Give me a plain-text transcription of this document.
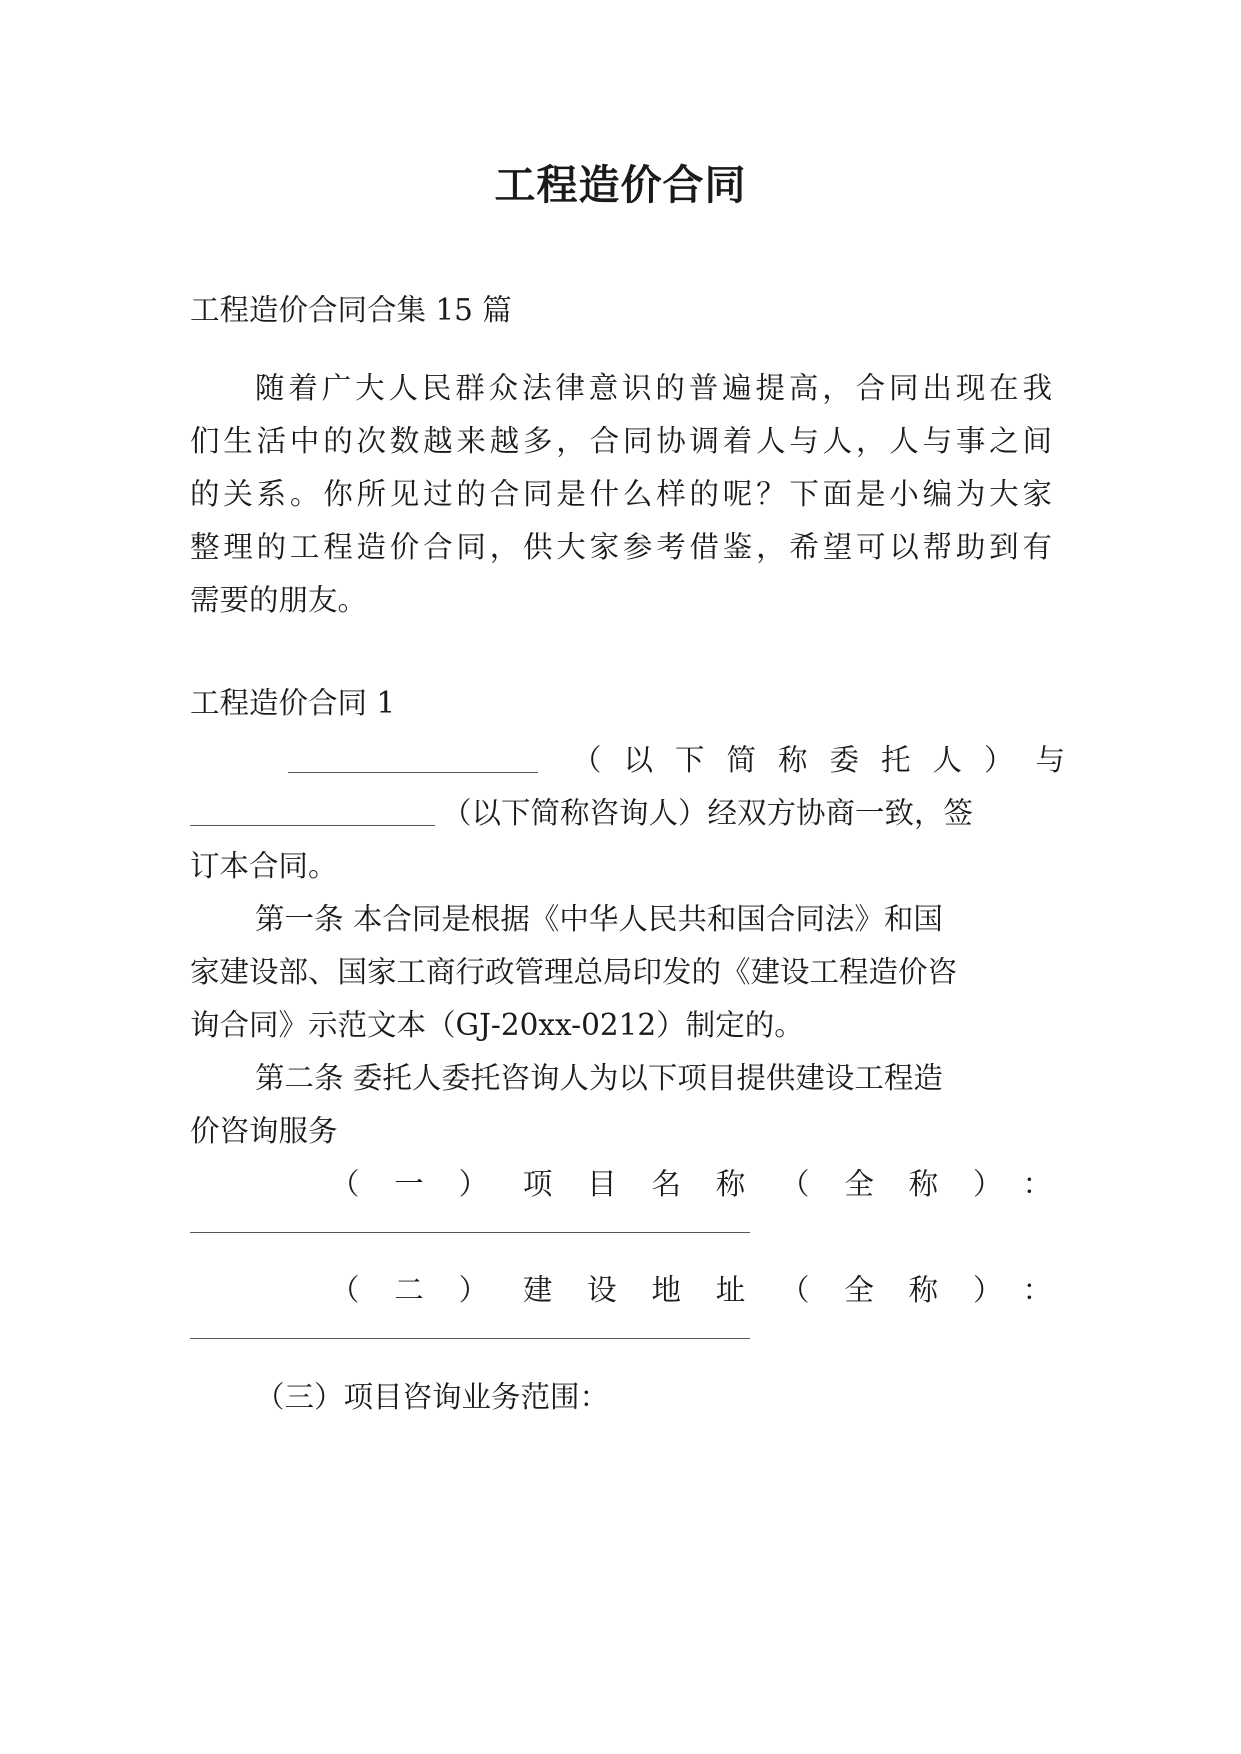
工程造价合同
工程造价合同合集 15 篇
随着广大人民群众法律意识的普遍提高，合同出现在我
们生活中的次数越来越多，合同协调着人与人，人与事之间
的关系。你所见过的合同是什么样的呢？下面是小编为大家
整理的工程造价合同，供大家参考借鉴，希望可以帮助到有
需要的朋友。
工程造价合同 1
（以下简称委托人）与
（以下简称咨询人）经双方协商一致，签
订本合同。
第一条 本合同是根据《中华人民共和国合同法》和国
家建设部、国家工商行政管理总局印发的《建设工程造价咨
询合同》示范文本（GJ-20xx-0212）制定的。
第二条 委托人委托咨询人为以下项目提供建设工程造
价咨询服务
（一）项目名称（全称）：
（二）建设地址（全称）：
（三）项目咨询业务范围：
